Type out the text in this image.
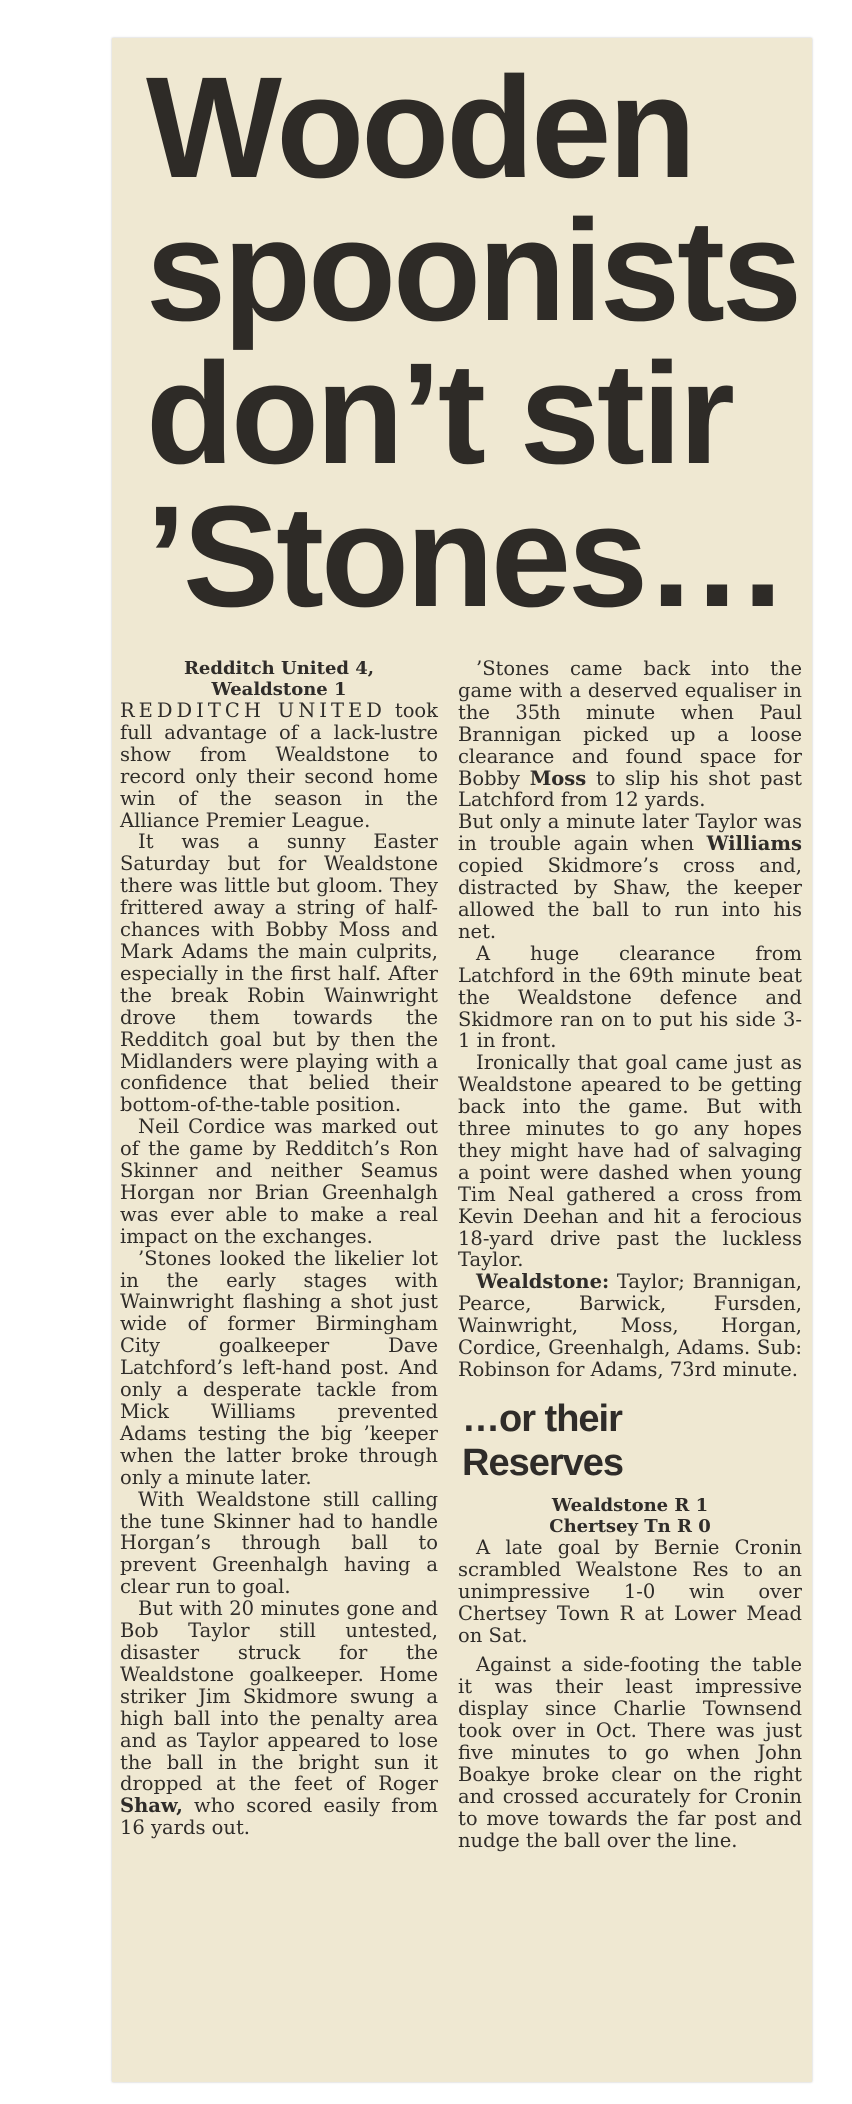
Wooden
spoonists
don’t stir
’Stones…

Redditch United 4,

Wealdstone 1

REDDITCH UNITED took full advantage of a lack-lustre show from Wealdstone to record only their second home win of the season in the Alliance Premier League.

It was a sunny Easter Saturday but for Wealdstone there was little but gloom. They frittered away a string of half-chances with Bobby Moss and Mark Adams the main culprits, especially in the first half. After the break Robin Wainwright drove them towards the Redditch goal but by then the Midlanders were playing with a confidence that belied their bottom-of-the-table position.

Neil Cordice was marked out of the game by Redditch’s Ron Skinner and neither Seamus Horgan nor Brian Greenhalgh was ever able to make a real impact on the exchanges.

’Stones looked the likelier lot in the early stages with Wainwright flashing a shot just wide of former Birmingham City goalkeeper Dave Latchford’s left-hand post. And only a desperate tackle from Mick Williams prevented Adams testing the big ’keeper when the latter broke through only a minute later.

With Wealdstone still calling the tune Skinner had to handle Horgan’s through ball to prevent Greenhalgh having a clear run to goal.

But with 20 minutes gone and Bob Taylor still untested, disaster struck for the Wealdstone goalkeeper. Home striker Jim Skidmore swung a high ball into the penalty area and as Taylor appeared to lose the ball in the bright sun it dropped at the feet of Roger Shaw, who scored easily from 16 yards out.

’Stones came back into the game with a deserved equaliser in the 35th minute when Paul Brannigan picked up a loose clearance and found space for Bobby Moss to slip his shot past Latchford from 12 yards.

But only a minute later Taylor was in trouble again when Williams copied Skidmore’s cross and, distracted by Shaw, the keeper allowed the ball to run into his net.

A huge clearance from Latchford in the 69th minute beat the Wealdstone defence and Skidmore ran on to put his side 3-1 in front.

Ironically that goal came just as Wealdstone apeared to be getting back into the game. But with three minutes to go any hopes they might have had of salvaging a point were dashed when young Tim Neal gathered a cross from Kevin Deehan and hit a ferocious 18-yard drive past the luckless Taylor.

Wealdstone: Taylor; Brannigan, Pearce, Barwick, Fursden, Wainwright, Moss, Horgan, Cordice, Greenhalgh, Adams. Sub: Robinson for Adams, 73rd minute.

…or their
Reserves

Wealdstone R 1

Chertsey Tn R 0

A late goal by Bernie Cronin scrambled Wealstone Res to an unimpressive 1-0 win over Chertsey Town R at Lower Mead on Sat.

Against a side-footing the table it was their least impressive display since Charlie Townsend took over in Oct. There was just five minutes to go when John Boakye broke clear on the right and crossed accurately for Cronin to move towards the far post and nudge the ball over the line.
